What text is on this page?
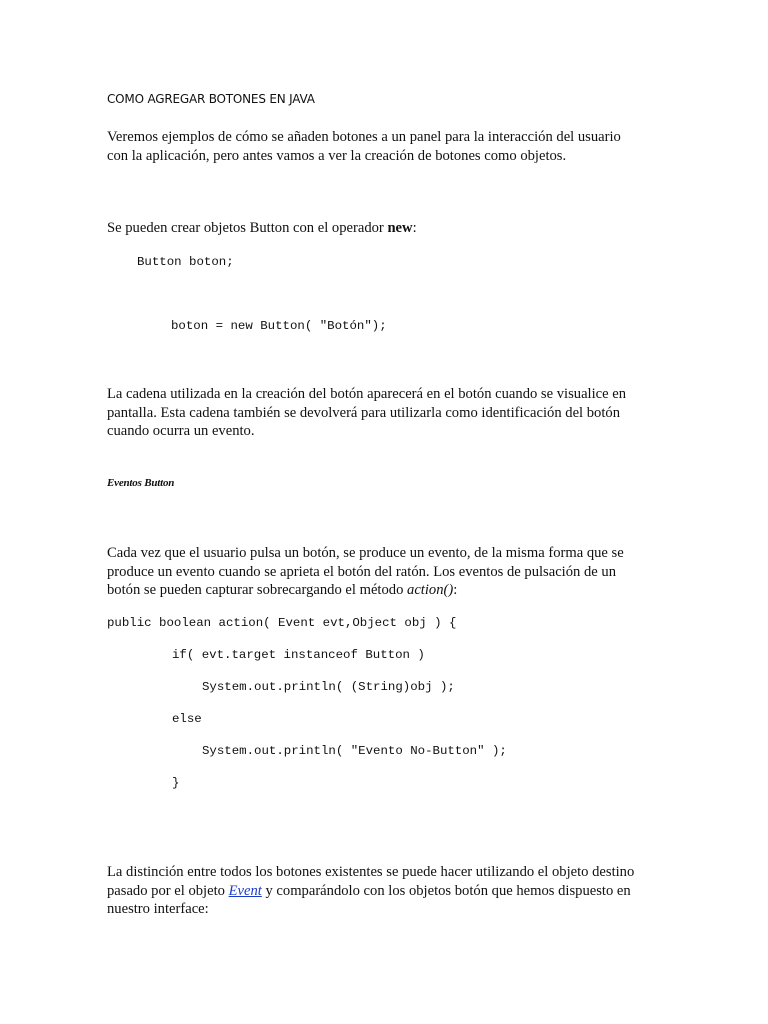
COMO AGREGAR BOTONES EN JAVA
Veremos ejemplos de cómo se añaden botones a un panel para la interacción del usuario
con la aplicación, pero antes vamos a ver la creación de botones como objetos.
Se pueden crear objetos Button con el operador new:
Button boton;
boton = new Button( "Botón");
La cadena utilizada en la creación del botón aparecerá en el botón cuando se visualice en
pantalla. Esta cadena también se devolverá para utilizarla como identificación del botón
cuando ocurra un evento.
Eventos Button
Cada vez que el usuario pulsa un botón, se produce un evento, de la misma forma que se
produce un evento cuando se aprieta el botón del ratón. Los eventos de pulsación de un
botón se pueden capturar sobrecargando el método action():
public boolean action( Event evt,Object obj ) {
if( evt.target instanceof Button )
System.out.println( (String)obj );
else
System.out.println( "Evento No-Button" );
}
La distinción entre todos los botones existentes se puede hacer utilizando el objeto destino
pasado por el objeto Event y comparándolo con los objetos botón que hemos dispuesto en
nuestro interface:
